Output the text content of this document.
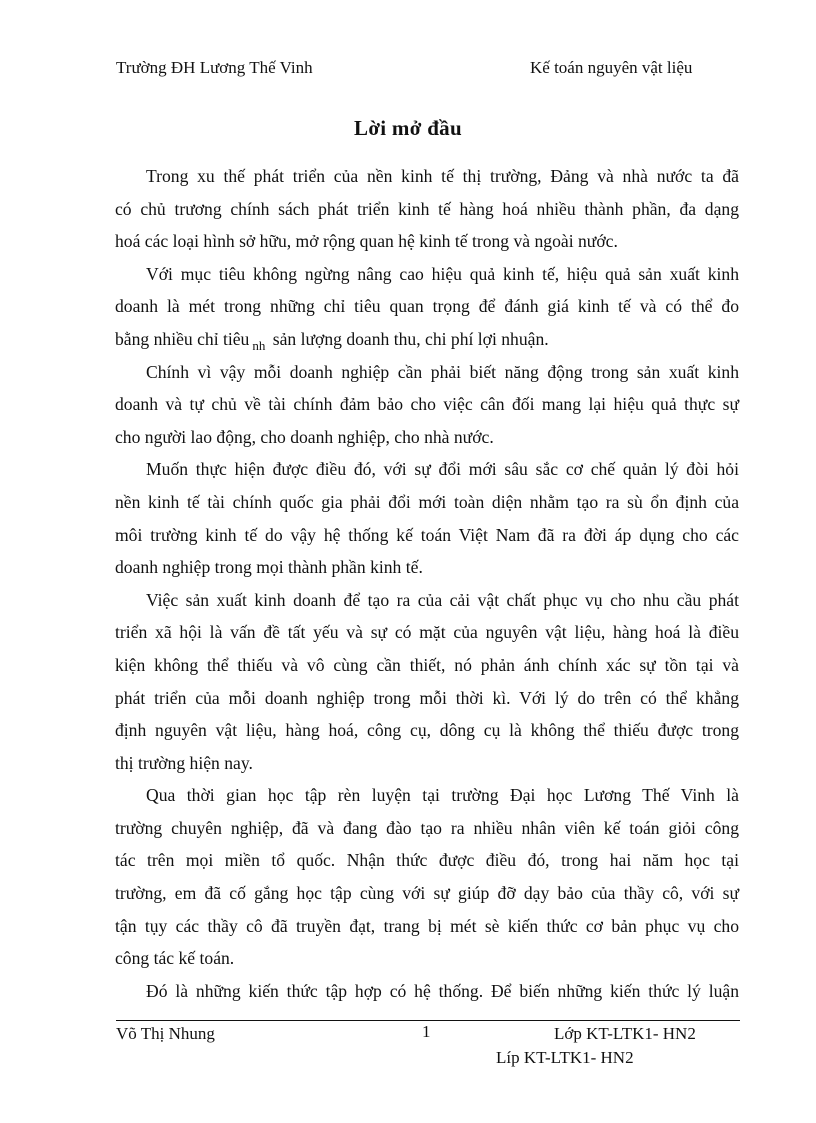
Trường ĐH Lương Thế Vinh	Kế toán nguyên vật liệu
Lời mở đầu

Trong xu thế phát triển của nền kinh tế thị trường, Đảng và nhà nước ta đã
có chủ trương chính sách phát triển kinh tế hàng hoá nhiều thành phần, đa dạng
hoá các loại hình sở hữu, mở rộng quan hệ kinh tế trong và ngoài nước.

Với mục tiêu không ngừng nâng cao hiệu quả kinh tế, hiệu quả sản xuất kinh
doanh là mét trong những chỉ tiêu quan trọng để đánh giá kinh tế và có thể đo
bằng nhiều chỉ tiêu $_{nh}$ sản lượng doanh thu, chi phí lợi nhuận.

Chính vì vậy mỗi doanh nghiệp cần phải biết năng động trong sản xuất kinh
doanh và tự chủ về tài chính đảm bảo cho việc cân đối mang lại hiệu quả thực sự
cho người lao động, cho doanh nghiệp, cho nhà nước.

Muốn thực hiện được điều đó, với sự đổi mới sâu sắc cơ chế quản lý đòi hỏi
nền kinh tế tài chính quốc gia phải đổi mới toàn diện nhằm tạo ra sù ổn định của
môi trường kinh tế do vậy hệ thống kế toán Việt Nam đã ra đời áp dụng cho các
doanh nghiệp trong mọi thành phần kinh tế.

Việc sản xuất kinh doanh để tạo ra của cải vật chất phục vụ cho nhu cầu phát
triển xã hội là vấn đề tất yếu và sự có mặt của nguyên vật liệu, hàng hoá là điều
kiện không thể thiếu và vô cùng cần thiết, nó phản ánh chính xác sự tồn tại và
phát triển của mỗi doanh nghiệp trong mỗi thời kì. Với lý do trên có thể khẳng
định nguyên vật liệu, hàng hoá, công cụ, dông cụ là không thể thiếu được trong
thị trường hiện nay.

Qua thời gian học tập rèn luyện tại trường Đại học Lương Thế Vinh là
trường chuyên nghiệp, đã và đang đào tạo ra nhiều nhân viên kế toán giỏi công
tác trên mọi miền tổ quốc. Nhận thức được điều đó, trong hai năm học tại
trường, em đã cố gắng học tập cùng với sự giúp đỡ dạy bảo của thầy cô, với sự
tận tụy các thầy cô đã truyền đạt, trang bị mét sè kiến thức cơ bản phục vụ cho
công tác kế toán.

Đó là những kiến thức tập hợp có hệ thống. Để biến những kiến thức lý luận

Võ Thị Nhung	1	Lớp KT-LTK1- HN2
Líp KT-LTK1- HN2
